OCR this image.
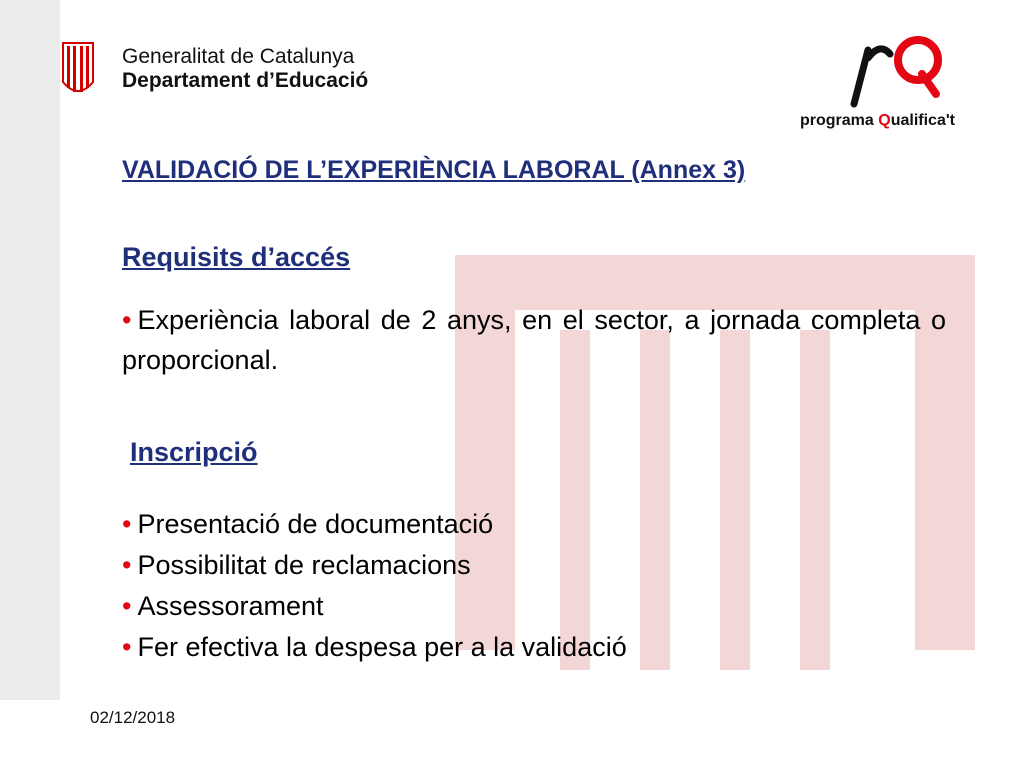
Generalitat de Catalunya
Departament d’Educació
programa Qualifica't
VALIDACIÓ DE L’EXPERIÈNCIA LABORAL (Annex 3)
Requisits d’accés

• Experiència laboral de 2 anys, en el sector, a jornada completa o proporcional.

Inscripció
• Presentació de documentació
• Possibilitat de reclamacions
• Assessorament
• Fer efectiva la despesa per a la validació
02/12/2018
